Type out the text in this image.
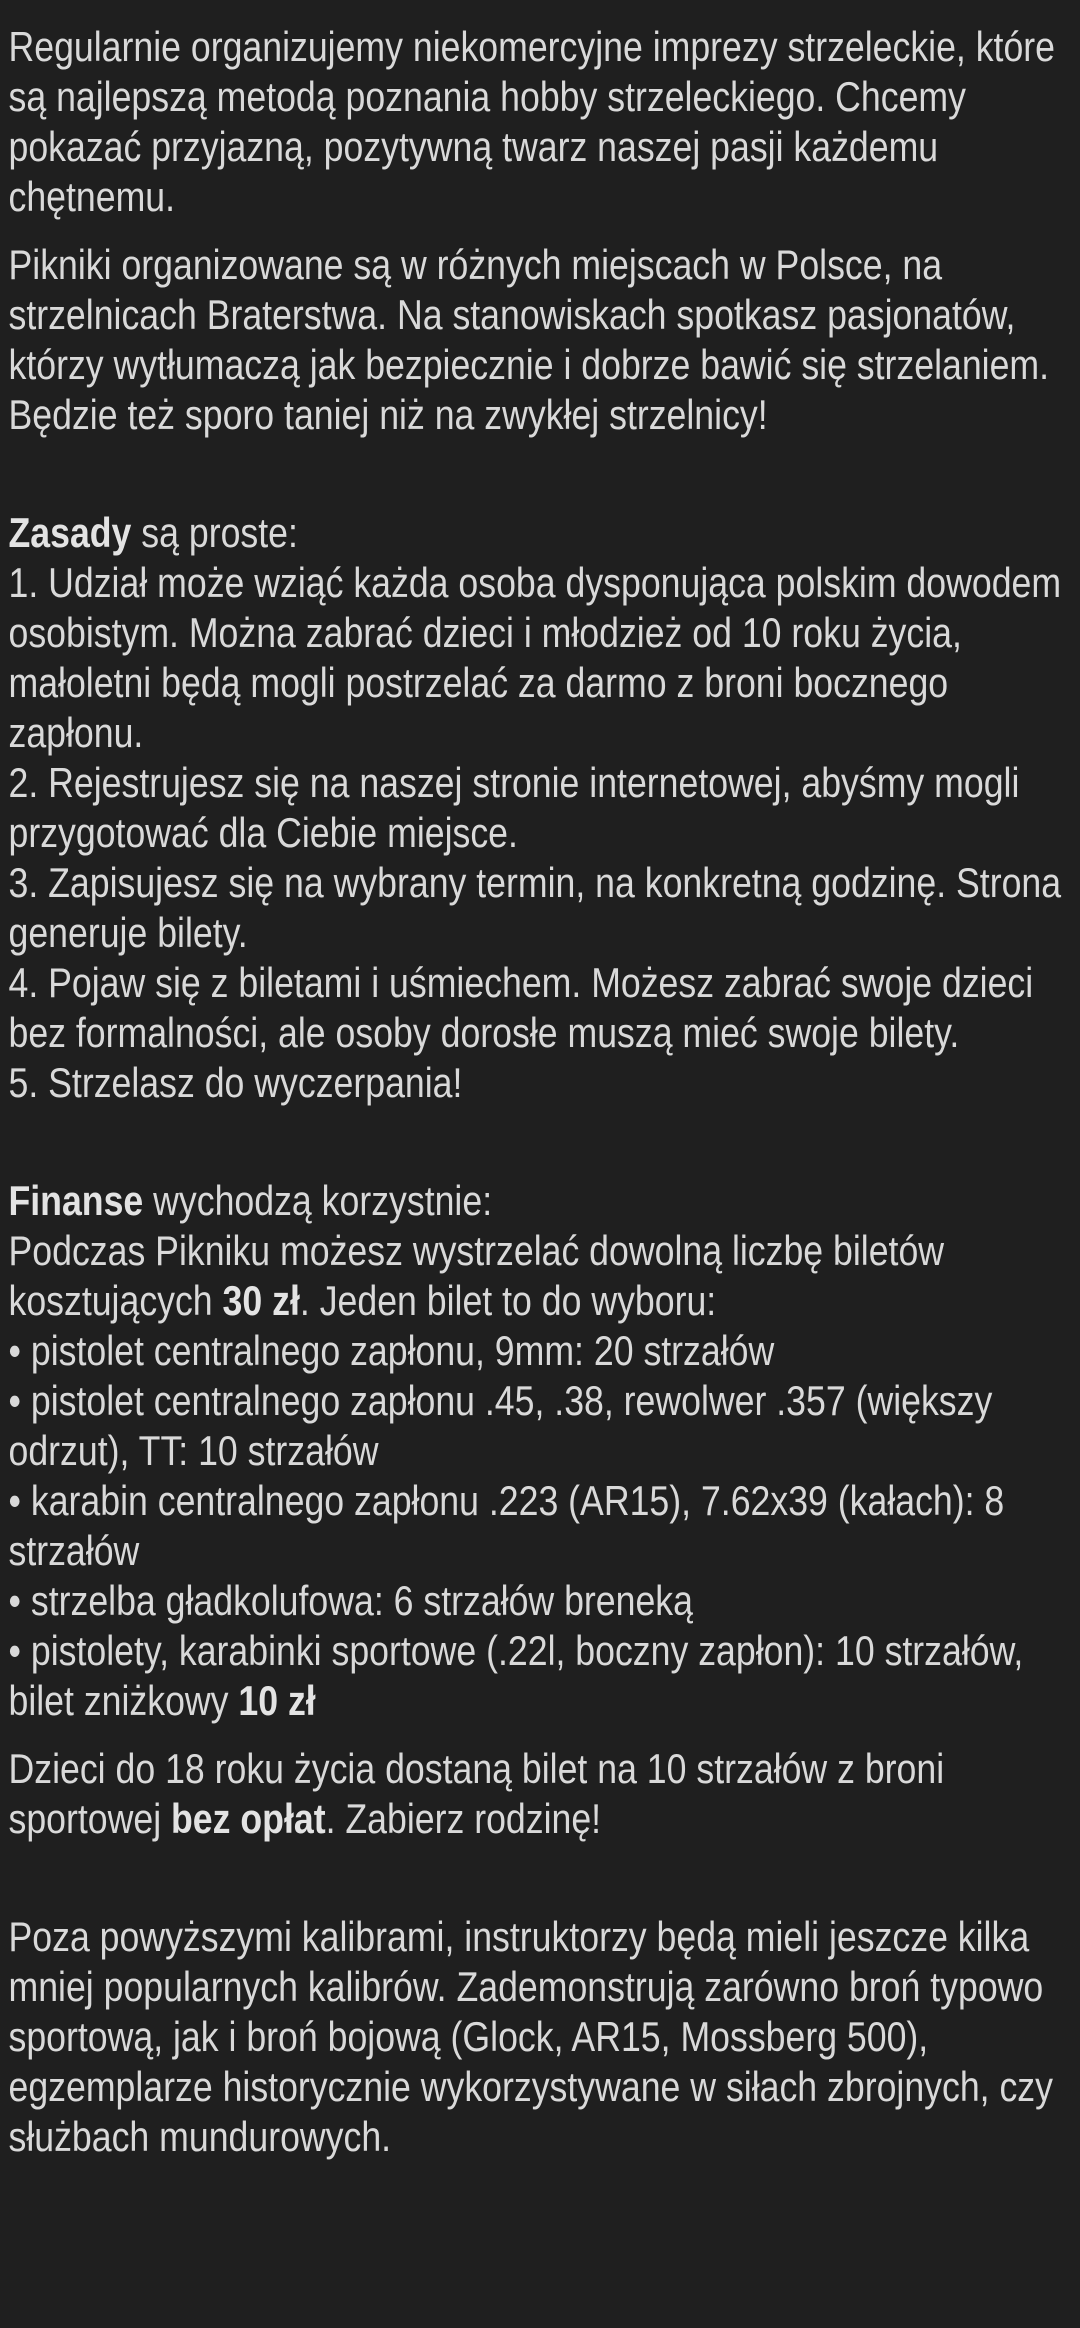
Regularnie organizujemy niekomercyjne imprezy strzeleckie, które są najlepszą metodą poznania hobby strzeleckiego. Chcemy pokazać przyjazną, pozytywną twarz naszej pasji każdemu chętnemu.

Pikniki organizowane są w różnych miejscach w Polsce, na strzelnicach Braterstwa. Na stanowiskach spotkasz pasjonatów, którzy wytłumaczą jak bezpiecznie i dobrze bawić się strzelaniem. Będzie też sporo taniej niż na zwykłej strzelnicy!

Zasady są proste:
1. Udział może wziąć każda osoba dysponująca polskim dowodem osobistym. Można zabrać dzieci i młodzież od 10 roku życia, małoletni będą mogli postrzelać za darmo z broni bocznego zapłonu.
2. Rejestrujesz się na naszej stronie internetowej, abyśmy mogli przygotować dla Ciebie miejsce.
3. Zapisujesz się na wybrany termin, na konkretną godzinę. Strona generuje bilety.
4. Pojaw się z biletami i uśmiechem. Możesz zabrać swoje dzieci bez formalności, ale osoby dorosłe muszą mieć swoje bilety.
5. Strzelasz do wyczerpania!
Finanse wychodzą korzystnie:
Podczas Pikniku możesz wystrzelać dowolną liczbę biletów kosztujących 30 zł. Jeden bilet to do wyboru:
• pistolet centralnego zapłonu, 9mm: 20 strzałów
• pistolet centralnego zapłonu .45, .38, rewolwer .357 (większy odrzut), TT: 10 strzałów
• karabin centralnego zapłonu .223 (AR15), 7.62x39 (kałach): 8 strzałów
• strzelba gładkolufowa: 6 strzałów breneką
• pistolety, karabinki sportowe (.22l, boczny zapłon): 10 strzałów, bilet zniżkowy 10 zł

Dzieci do 18 roku życia dostaną bilet na 10 strzałów z broni sportowej bez opłat. Zabierz rodzinę!

Poza powyższymi kalibrami, instruktorzy będą mieli jeszcze kilka mniej popularnych kalibrów. Zademonstrują zarówno broń typowo sportową, jak i broń bojową (Glock, AR15, Mossberg 500), egzemplarze historycznie wykorzystywane w siłach zbrojnych, czy służbach mundurowych.
